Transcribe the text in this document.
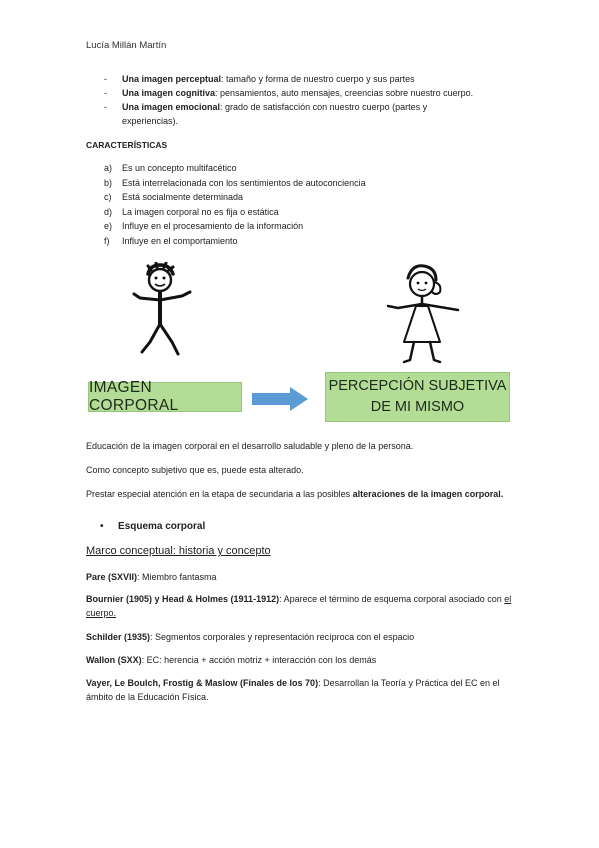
Lucía Millán Martín
- Una imagen perceptual: tamaño y forma de nuestro cuerpo y sus partes
- Una imagen cognitiva: pensamientos, auto mensajes, creencias sobre nuestro cuerpo.
- Una imagen emocional: grado de satisfacción con nuestro cuerpo (partes y
experiencias).
CARACTERÍSTICAS
a) Es un concepto multifacético
b) Está interrelacionada con los sentimientos de autoconciencia
c) Está socialmente determinada
d) La imagen corporal no es fija o estática
e) Influye en el procesamiento de la información
f) Influye en el comportamiento
IMAGEN CORPORAL
PERCEPCIÓN SUBJETIVA
DE MI MISMO
Educación de la imagen corporal en el desarrollo saludable y pleno de la persona.
Como concepto subjetivo que es, puede esta alterado.
Prestar especial atención en la etapa de secundaria a las posibles alteraciones de la imagen corporal.
• Esquema corporal
Marco conceptual: historia y concepto
Pare (SXVII): Miembro fantasma
Bournier (1905) y Head & Holmes (1911-1912): Aparece el término de esquema corporal asociado con el cuerpo.
Schilder (1935): Segmentos corporales y representación recíproca con el espacio
Wallon (SXX): EC: herencia + acción motriz + interacción con los demás
Vayer, Le Boulch, Frostig & Maslow (Finales de los 70): Desarrollan la Teoría y Práctica del EC en el ámbito de la Educación Física.
